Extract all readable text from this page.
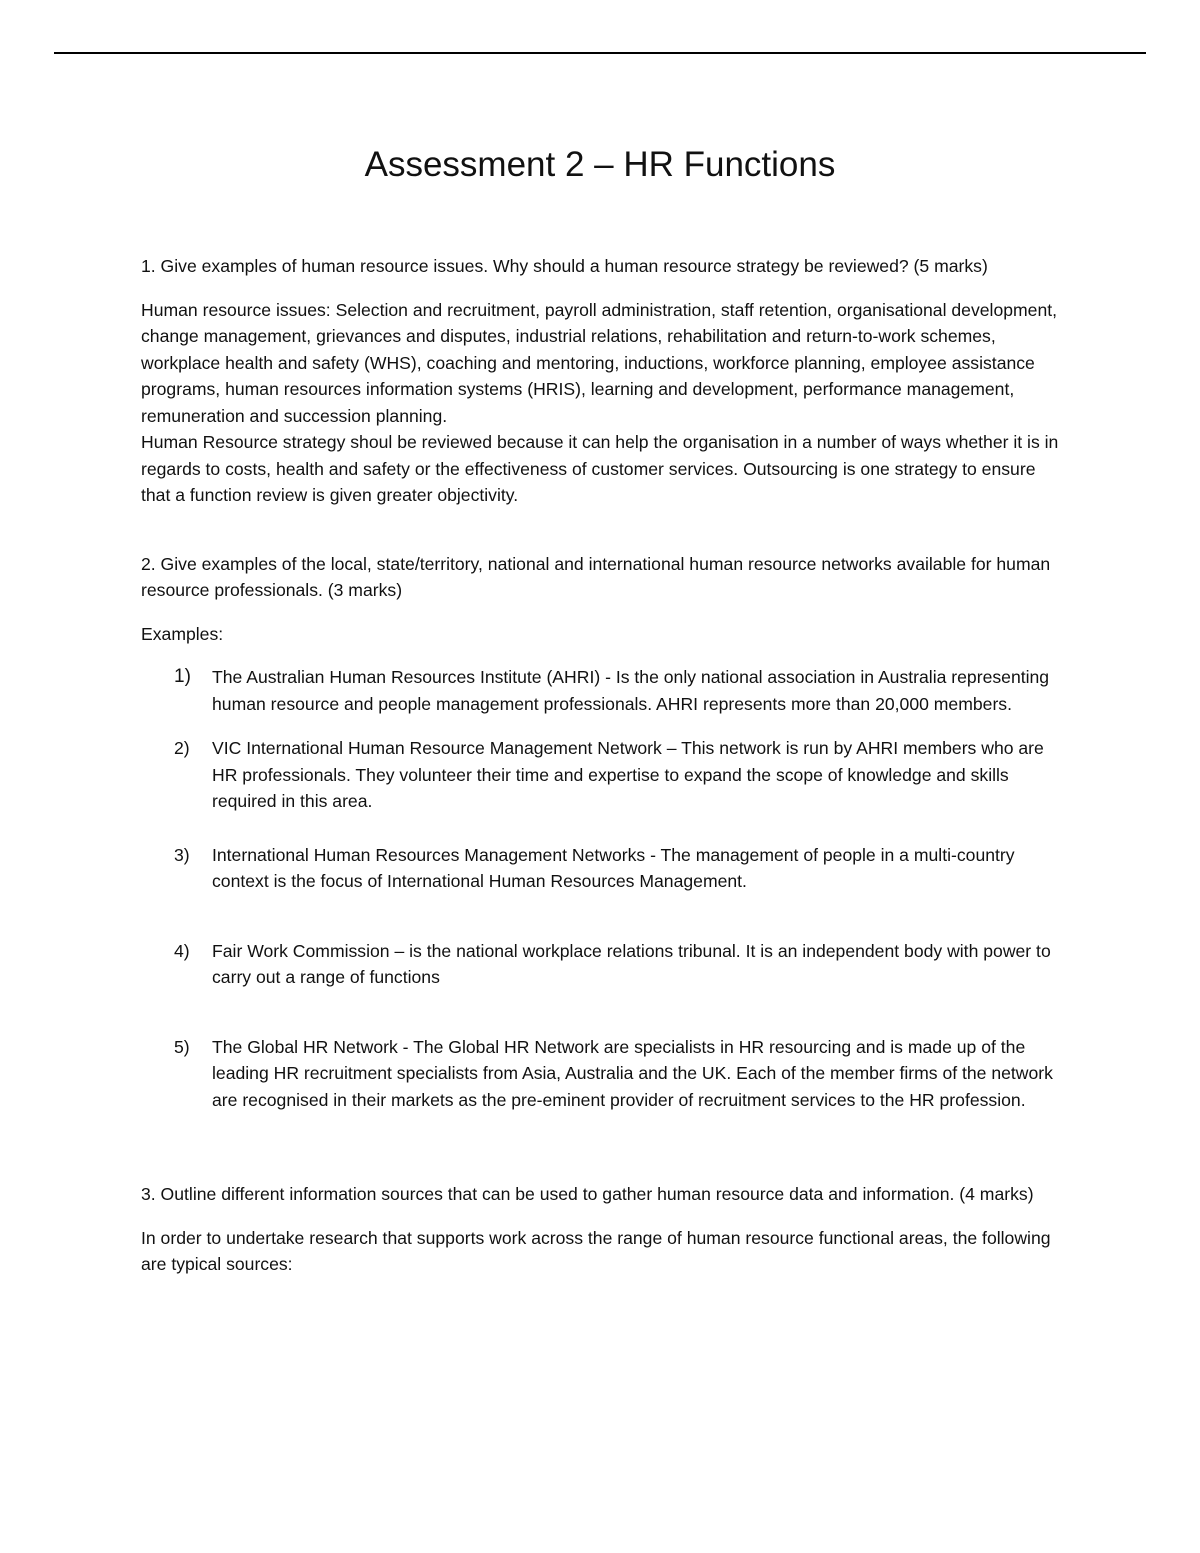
Assessment 2 – HR Functions

1. Give examples of human resource issues. Why should a human resource strategy be reviewed? (5 marks)

Human resource issues: Selection and recruitment, payroll administration, staff retention, organisational development, change management, grievances and disputes, industrial relations, rehabilitation and return-to-work schemes, workplace health and safety (WHS), coaching and mentoring, inductions, workforce planning, employee assistance programs, human resources information systems (HRIS), learning and development, performance management, remuneration and succession planning.

Human Resource strategy shoul be reviewed because it can help the organisation in a number of ways whether it is in regards to costs, health and safety or the effectiveness of customer services. Outsourcing is one strategy to ensure that a function review is given greater objectivity.

2. Give examples of the local, state/territory, national and international human resource networks available for human resource professionals. (3 marks)

Examples:

1) The Australian Human Resources Institute (AHRI) - Is the only national association in Australia representing human resource and people management professionals. AHRI represents more than 20,000 members.
2) VIC International Human Resource Management Network – This network is run by AHRI members who are HR professionals. They volunteer their time and expertise to expand the scope of knowledge and skills required in this area.
3) International Human Resources Management Networks - The management of people in a multi-country context is the focus of International Human Resources Management.
4) Fair Work Commission – is the national workplace relations tribunal. It is an independent body with power to carry out a range of functions
5) The Global HR Network - The Global HR Network are specialists in HR resourcing and is made up of the leading HR recruitment specialists from Asia, Australia and the UK. Each of the member firms of the network are recognised in their markets as the pre-eminent provider of recruitment services to the HR profession.

3. Outline different information sources that can be used to gather human resource data and information. (4 marks)

In order to undertake research that supports work across the range of human resource functional areas, the following are typical sources:
